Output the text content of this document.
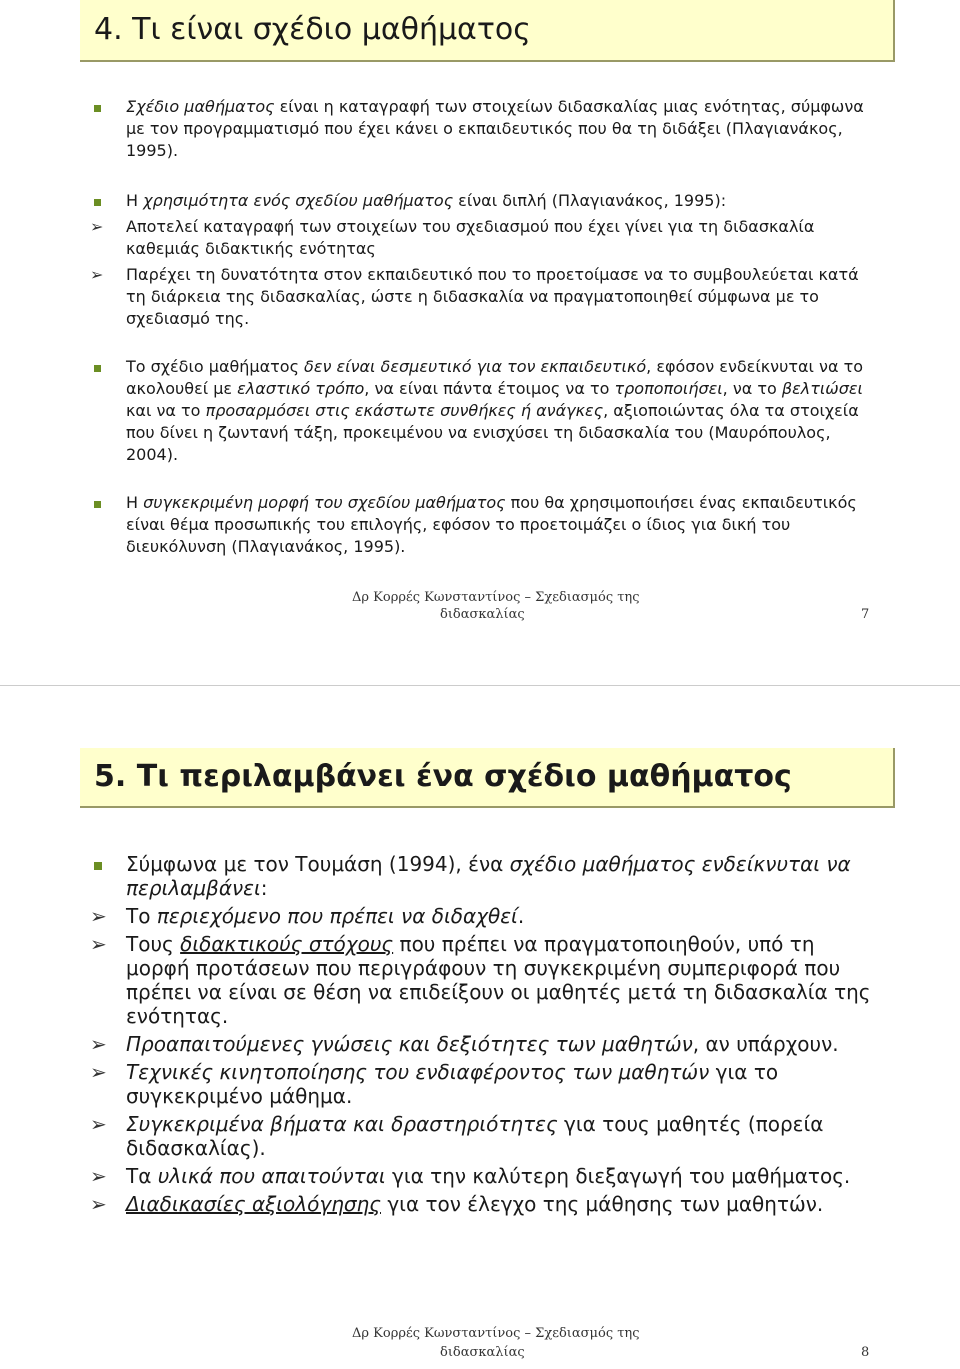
4. Τι είναι σχέδιο μαθήματος
Σχέδιο μαθήματος είναι η καταγραφή των στοιχείων διδασκαλίας μιας ενότητας, σύμφωνα με τον προγραμματισμό που έχει κάνει ο εκπαιδευτικός που θα τη διδάξει (Πλαγιανάκος, 1995).
Η χρησιμότητα ενός σχεδίου μαθήματος είναι διπλή (Πλαγιανάκος, 1995):
➢ Αποτελεί καταγραφή των στοιχείων του σχεδιασμού που έχει γίνει για τη διδασκαλία καθεμιάς διδακτικής ενότητας
➢ Παρέχει τη δυνατότητα στον εκπαιδευτικό που το προετοίμασε να το συμβουλεύεται κατά τη διάρκεια της διδασκαλίας, ώστε η διδασκαλία να πραγματοποιηθεί σύμφωνα με το σχεδιασμό της.
Το σχέδιο μαθήματος δεν είναι δεσμευτικό για τον εκπαιδευτικό, εφόσον ενδείκνυται να το ακολουθεί με ελαστικό τρόπο, να είναι πάντα έτοιμος να το τροποποιήσει, να το βελτιώσει και να το προσαρμόσει στις εκάστωτε συνθήκες ή ανάγκες, αξιοποιώντας όλα τα στοιχεία που δίνει η ζωντανή τάξη, προκειμένου να ενισχύσει τη διδασκαλία του (Μαυρόπουλος, 2004).
Η συγκεκριμένη μορφή του σχεδίου μαθήματος που θα χρησιμοποιήσει ένας εκπαιδευτικός είναι θέμα προσωπικής του επιλογής, εφόσον το προετοιμάζει ο ίδιος για δική του διευκόλυνση (Πλαγιανάκος, 1995).
Δρ Κορρές Κωνσταντίνος – Σχεδιασμός της
διδασκαλίας	7
5. Τι περιλαμβάνει ένα σχέδιο μαθήματος
Σύμφωνα με τον Τουμάση (1994), ένα σχέδιο μαθήματος ενδείκνυται να περιλαμβάνει:
➢ Το περιεχόμενο που πρέπει να διδαχθεί.
➢ Τους διδακτικούς στόχους που πρέπει να πραγματοποιηθούν, υπό τη μορφή προτάσεων που περιγράφουν τη συγκεκριμένη συμπεριφορά που πρέπει να είναι σε θέση να επιδείξουν οι μαθητές μετά τη διδασκαλία της ενότητας.
➢ Προαπαιτούμενες γνώσεις και δεξιότητες των μαθητών, αν υπάρχουν.
➢ Τεχνικές κινητοποίησης του ενδιαφέροντος των μαθητών για το συγκεκριμένο μάθημα.
➢ Συγκεκριμένα βήματα και δραστηριότητες για τους μαθητές (πορεία διδασκαλίας).
➢ Τα υλικά που απαιτούνται για την καλύτερη διεξαγωγή του μαθήματος.
➢ Διαδικασίες αξιολόγησης για τον έλεγχο της μάθησης των μαθητών.
Δρ Κορρές Κωνσταντίνος – Σχεδιασμός της
διδασκαλίας	8
